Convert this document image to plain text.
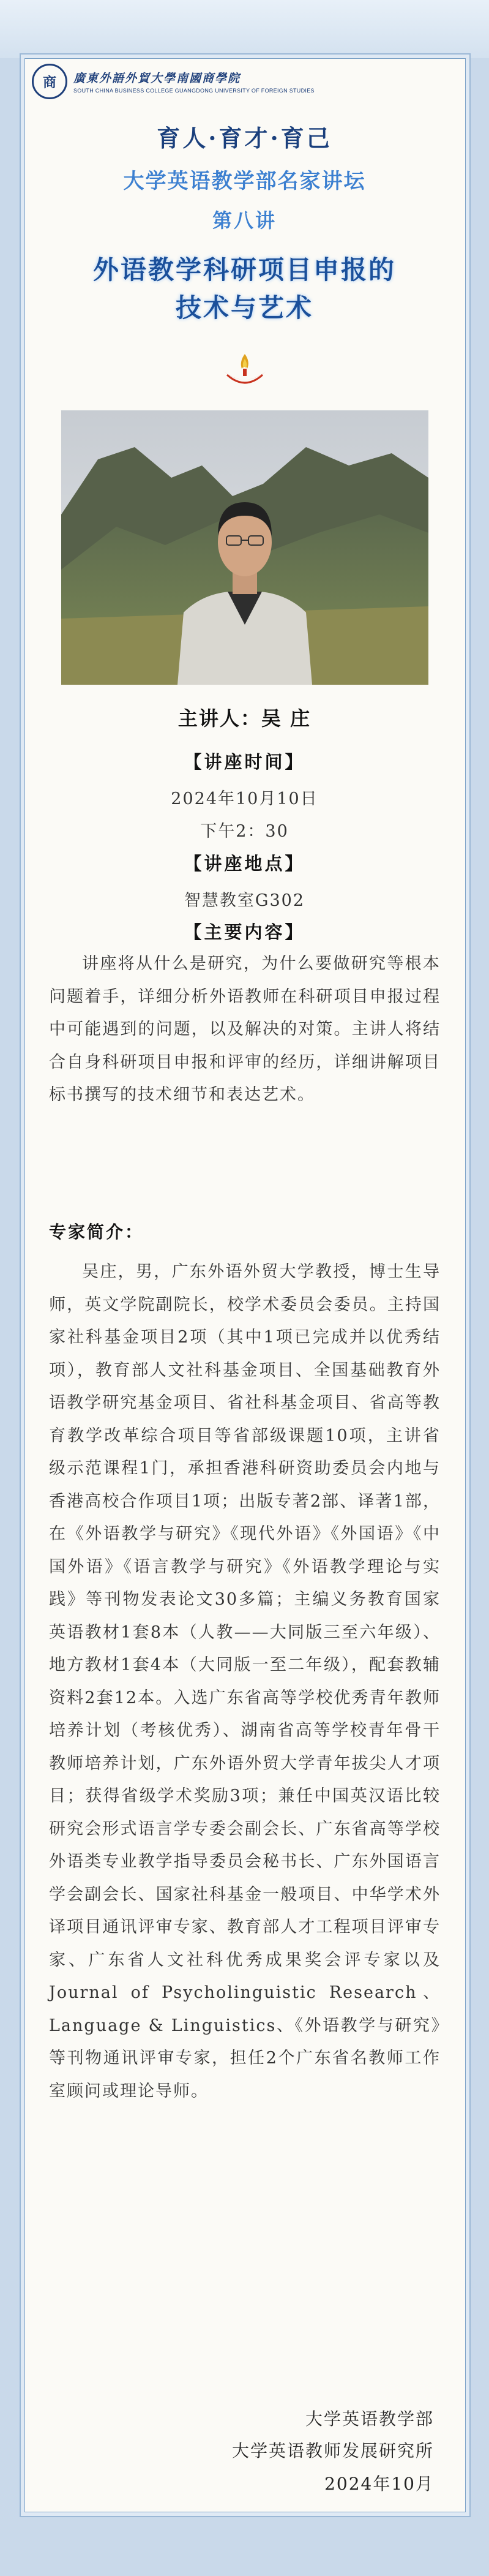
商 廣東外語外貿大學南國商學院
SOUTH CHINA BUSINESS COLLEGE GUANGDONG UNIVERSITY OF FOREIGN STUDIES
育人·育才·育己
大学英语教学部名家讲坛
第八讲
外语教学科研项目申报的
技术与艺术
主讲人：吴 庄
【讲座时间】
2024年10月10日
下午2：30
【讲座地点】
智慧教室G302
【主要内容】
讲座将从什么是研究，为什么要做研究等根本问题着手，详细分析外语教师在科研项目申报过程中可能遇到的问题，以及解决的对策。主讲人将结合自身科研项目申报和评审的经历，详细讲解项目标书撰写的技术细节和表达艺术。
专家简介：
吴庄，男，广东外语外贸大学教授，博士生导师，英文学院副院长，校学术委员会委员。主持国家社科基金项目2项（其中1项已完成并以优秀结项），教育部人文社科基金项目、全国基础教育外语教学研究基金项目、省社科基金项目、省高等教育教学改革综合项目等省部级课题10项，主讲省级示范课程1门，承担香港科研资助委员会内地与香港高校合作项目1项；出版专著2部、译著1部，在《外语教学与研究》《现代外语》《外国语》《中国外语》《语言教学与研究》《外语教学理论与实践》等刊物发表论文30多篇；主编义务教育国家英语教材1套8本（人教——大同版三至六年级）、地方教材1套4本（大同版一至二年级），配套教辅资料2套12本。入选广东省高等学校优秀青年教师培养计划（考核优秀）、湖南省高等学校青年骨干教师培养计划，广东外语外贸大学青年拔尖人才项目；获得省级学术奖励3项；兼任中国英汉语比较研究会形式语言学专委会副会长、广东省高等学校外语类专业教学指导委员会秘书长、广东外国语言学会副会长、国家社科基金一般项目、中华学术外译项目通讯评审专家、教育部人才工程项目评审专家、广东省人文社科优秀成果奖会评专家以及Journal of Psycholinguistic Research、Language & Linguistics、《外语教学与研究》等刊物通讯评审专家，担任2个广东省名教师工作室顾问或理论导师。
大学英语教学部
大学英语教师发展研究所
2024年10月
